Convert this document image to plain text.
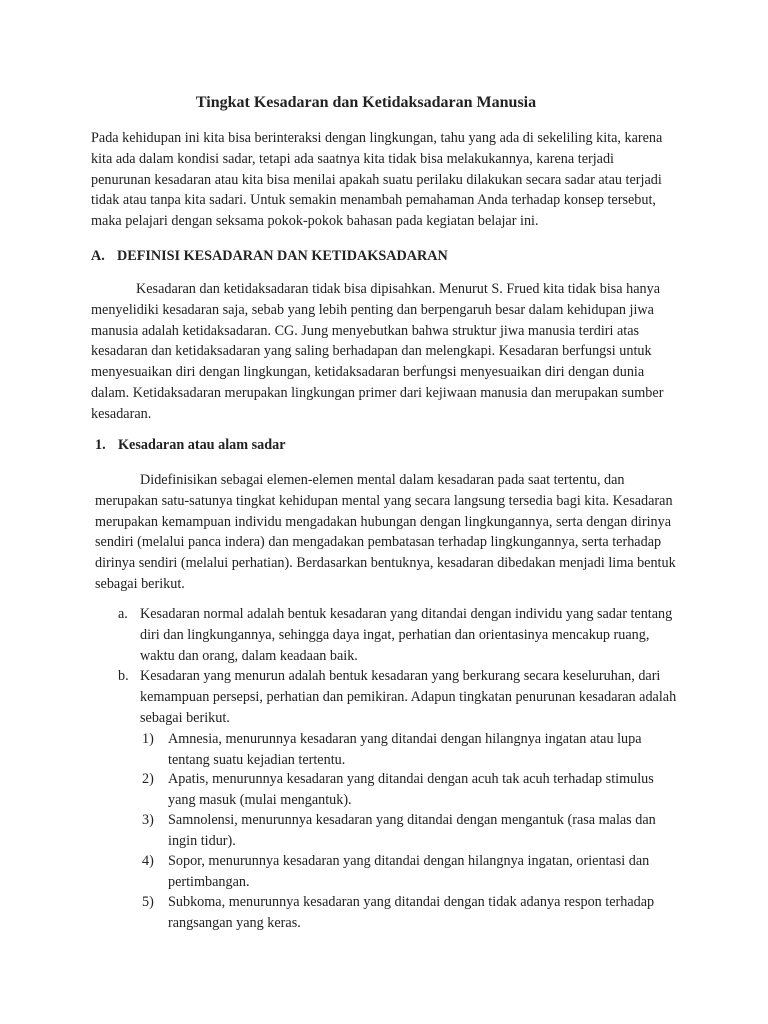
Tingkat Kesadaran dan Ketidaksadaran Manusia

Pada kehidupan ini kita bisa berinteraksi dengan lingkungan, tahu yang ada di sekeliling kita, karena kita ada dalam kondisi sadar, tetapi ada saatnya kita tidak bisa melakukannya, karena terjadi penurunan kesadaran atau kita bisa menilai apakah suatu perilaku dilakukan secara sadar atau terjadi tidak atau tanpa kita sadari. Untuk semakin menambah pemahaman Anda terhadap konsep tersebut, maka pelajari dengan seksama pokok-pokok bahasan pada kegiatan belajar ini.

A. DEFINISI KESADARAN DAN KETIDAKSADARAN

Kesadaran dan ketidaksadaran tidak bisa dipisahkan. Menurut S. Frued kita tidak bisa hanya menyelidiki kesadaran saja, sebab yang lebih penting dan berpengaruh besar dalam kehidupan jiwa manusia adalah ketidaksadaran. CG. Jung menyebutkan bahwa struktur jiwa manusia terdiri atas kesadaran dan ketidaksadaran yang saling berhadapan dan melengkapi. Kesadaran berfungsi untuk menyesuaikan diri dengan lingkungan, ketidaksadaran berfungsi menyesuaikan diri dengan dunia dalam. Ketidaksadaran merupakan lingkungan primer dari kejiwaan manusia dan merupakan sumber kesadaran.

1. Kesadaran atau alam sadar

Didefinisikan sebagai elemen-elemen mental dalam kesadaran pada saat tertentu, dan merupakan satu-satunya tingkat kehidupan mental yang secara langsung tersedia bagi kita. Kesadaran merupakan kemampuan individu mengadakan hubungan dengan lingkungannya, serta dengan dirinya sendiri (melalui panca indera) dan mengadakan pembatasan terhadap lingkungannya, serta terhadap dirinya sendiri (melalui perhatian). Berdasarkan bentuknya, kesadaran dibedakan menjadi lima bentuk sebagai berikut.

a. Kesadaran normal adalah bentuk kesadaran yang ditandai dengan individu yang sadar tentang diri dan lingkungannya, sehingga daya ingat, perhatian dan orientasinya mencakup ruang, waktu dan orang, dalam keadaan baik.
b. Kesadaran yang menurun adalah bentuk kesadaran yang berkurang secara keseluruhan, dari kemampuan persepsi, perhatian dan pemikiran. Adapun tingkatan penurunan kesadaran adalah sebagai berikut.
1) Amnesia, menurunnya kesadaran yang ditandai dengan hilangnya ingatan atau lupa tentang suatu kejadian tertentu.
2) Apatis, menurunnya kesadaran yang ditandai dengan acuh tak acuh terhadap stimulus yang masuk (mulai mengantuk).
3) Samnolensi, menurunnya kesadaran yang ditandai dengan mengantuk (rasa malas dan ingin tidur).
4) Sopor, menurunnya kesadaran yang ditandai dengan hilangnya ingatan, orientasi dan pertimbangan.
5) Subkoma, menurunnya kesadaran yang ditandai dengan tidak adanya respon terhadap rangsangan yang keras.
